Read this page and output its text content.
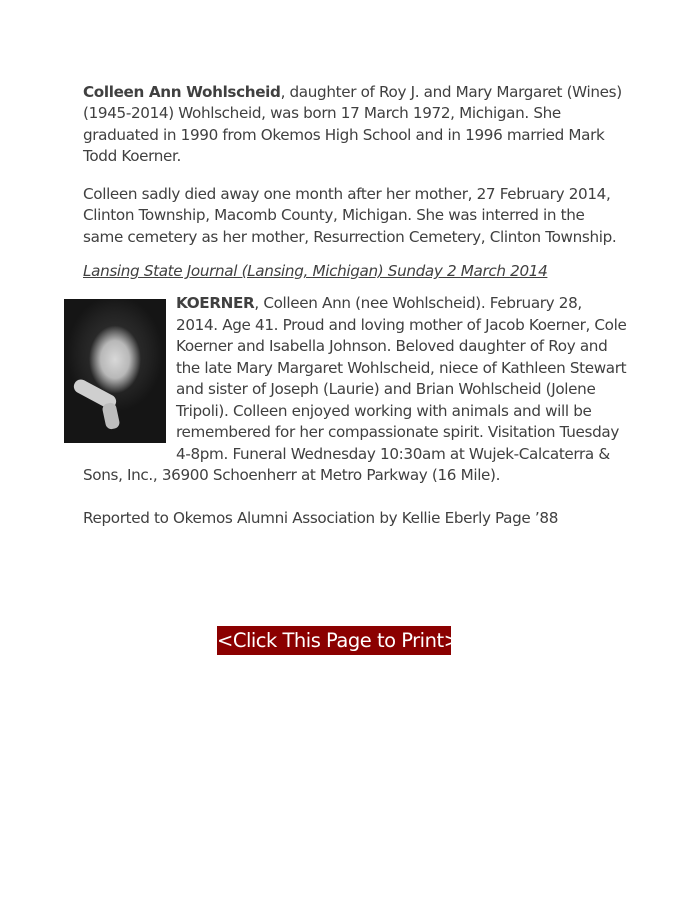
Colleen Ann Wohlscheid, daughter of Roy J. and Mary Margaret (Wines) (1945-2014) Wohlscheid, was born 17 March 1972, Michigan. She graduated in 1990 from Okemos High School and in 1996 married Mark Todd Koerner.

Colleen sadly died away one month after her mother, 27 February 2014, Clinton Township, Macomb County, Michigan. She was interred in the same cemetery as her mother, Resurrection Cemetery, Clinton Township.

Lansing State Journal (Lansing, Michigan) Sunday 2 March 2014

KOERNER, Colleen Ann (nee Wohlscheid). February 28, 2014. Age 41. Proud and loving mother of Jacob Koerner, Cole Koerner and Isabella Johnson. Beloved daughter of Roy and the late Mary Margaret Wohlscheid, niece of Kathleen Stewart and sister of Joseph (Laurie) and Brian Wohlscheid (Jolene Tripoli). Colleen enjoyed working with animals and will be remembered for her compassionate spirit. Visitation Tuesday 4-8pm. Funeral Wednesday 10:30am at Wujek-Calcaterra & Sons, Inc., 36900 Schoenherr at Metro Parkway (16 Mile).

Reported to Okemos Alumni Association by Kellie Eberly Page ’88

<Click This Page to Print>
